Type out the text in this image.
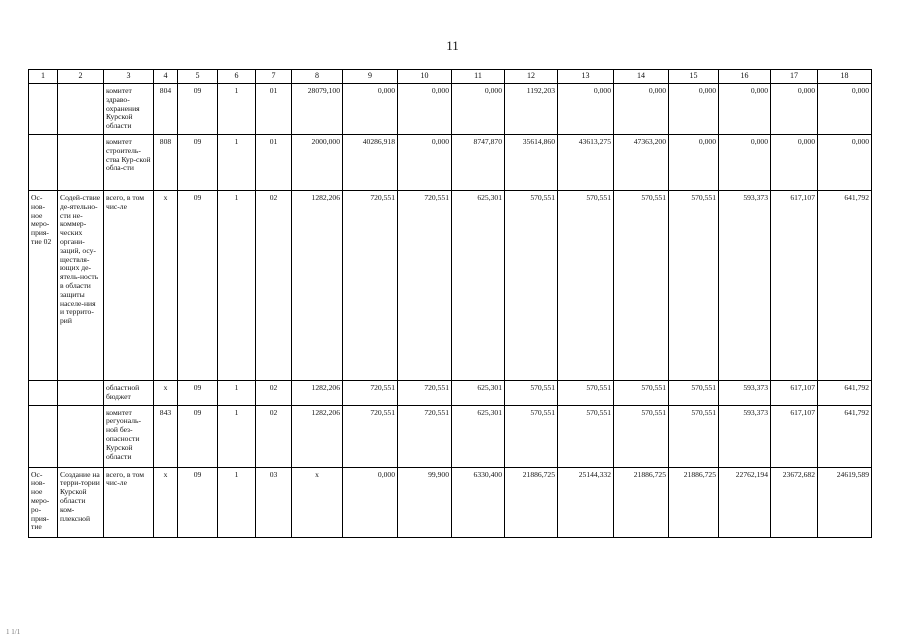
11
1	2	3	4	5	6	7	8	9	10	11	12	13	14	15	16	17	18
		комитет здраво-охранения Курской области	804	09	1	01	28079,100	0,000	0,000	0,000	1192,203	0,000	0,000	0,000	0,000	0,000	0,000
		комитет строитель-ства Кур-ской обла-сти	808	09	1	01	2000,000	40286,918	0,000	8747,870	35614,860	43613,275	47363,200	0,000	0,000	0,000	0,000
Ос-нов-ное меро-прия-тие 02	Содей-ствие де-ятельно-сти не-коммер-ческих органи-заций, осу-ществля-ющих де-ятель-ность в области защиты населе-ния и террито-рий	всего, в том чис-ле	х	09	1	02	1282,206	720,551	720,551	625,301	570,551	570,551	570,551	570,551	593,373	617,107	641,792
		областной бюджет	х	09	1	02	1282,206	720,551	720,551	625,301	570,551	570,551	570,551	570,551	593,373	617,107	641,792
		комитет регуональ-ной без-опасности Курской области	843	09	1	02	1282,206	720,551	720,551	625,301	570,551	570,551	570,551	570,551	593,373	617,107	641,792
Ос-нов-ное меро-ро-прия-тие	Создание на терри-тории Курской области ком-плексной	всего, в том чис-ле	х	09	1	03	х	0,000	99,900	6330,400	21886,725	25144,332	21886,725	21886,725	22762,194	23672,682	24619,589
1 1/1
